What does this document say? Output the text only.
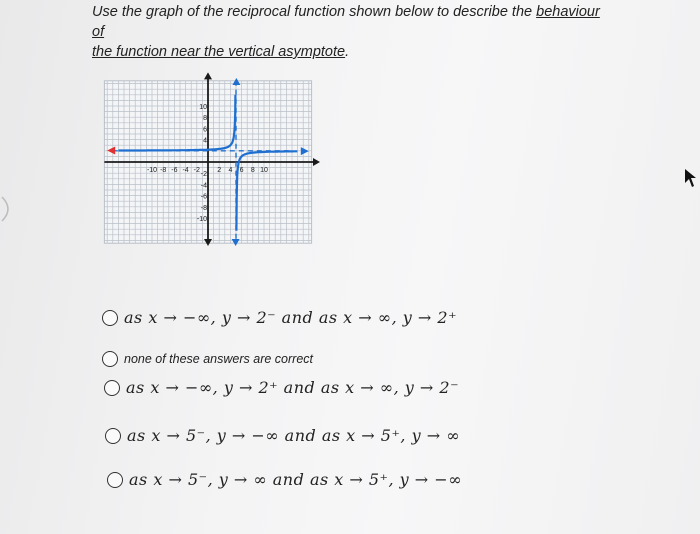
Use the graph of the reciprocal function shown below to describe the behaviour of
the function near the vertical asymptote.
-10 -8 -6 -4 -2 2 4 6 8 10
10
8
6
4
-2
-4
-6
-8
-10
as x → −∞, y → 2⁻ and as x → ∞, y → 2⁺
none of these answers are correct
as x → −∞, y → 2⁺ and as x → ∞, y → 2⁻
as x → 5⁻, y → −∞ and as x → 5⁺, y → ∞
as x → 5⁻, y → ∞ and as x → 5⁺, y → −∞
